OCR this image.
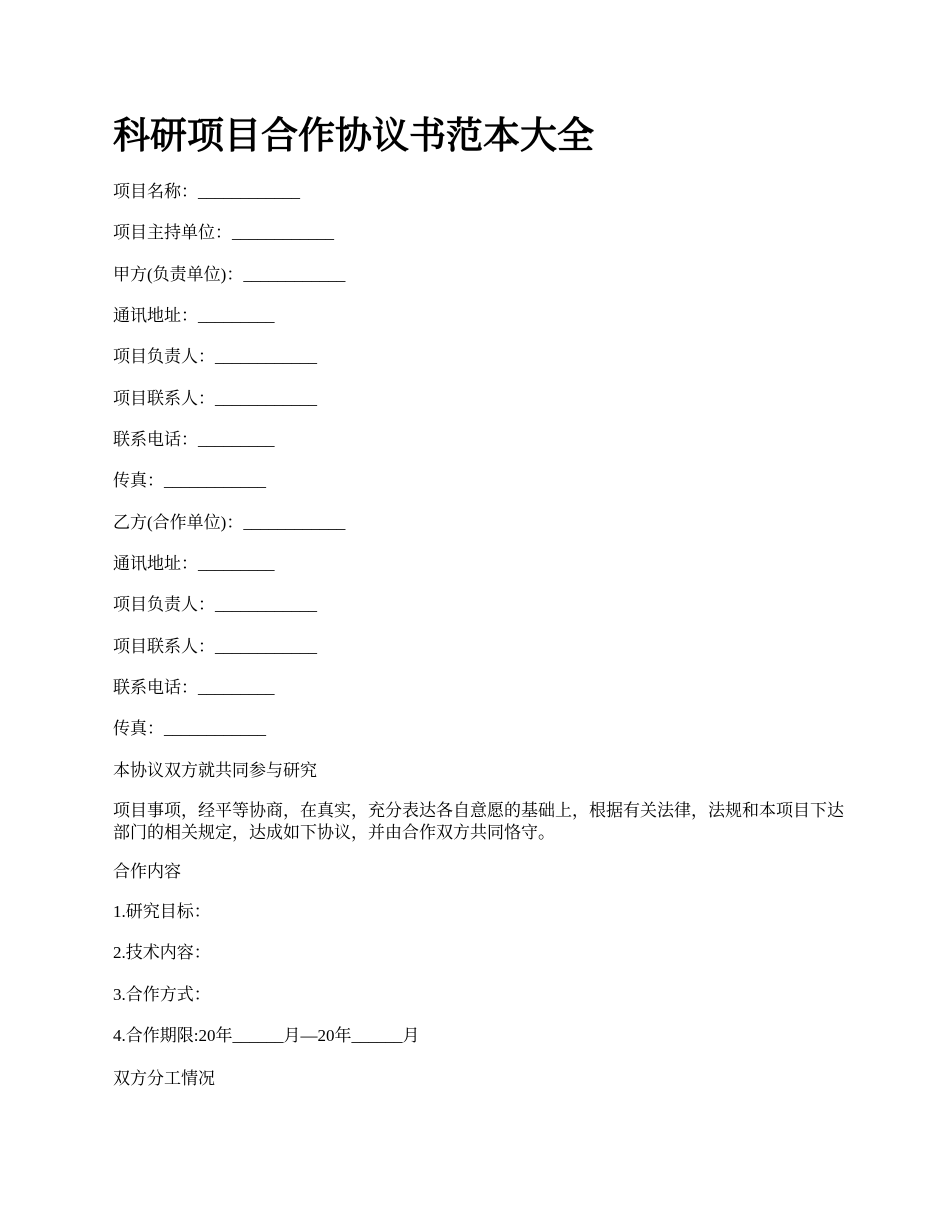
科研项目合作协议书范本大全

项目名称：____________

项目主持单位：____________

甲方(负责单位)：____________

通讯地址：_________

项目负责人：____________

项目联系人：____________

联系电话：_________

传真：____________

乙方(合作单位)：____________

通讯地址：_________

项目负责人：____________

项目联系人：____________

联系电话：_________

传真：____________

本协议双方就共同参与研究

项目事项，经平等协商，在真实，充分表达各自意愿的基础上，根据有关法律，法规和本项目下达部门的相关规定，达成如下协议，并由合作双方共同恪守。

合作内容

1.研究目标：

2.技术内容：

3.合作方式：

4.合作期限:20年______月—20年______月

双方分工情况
